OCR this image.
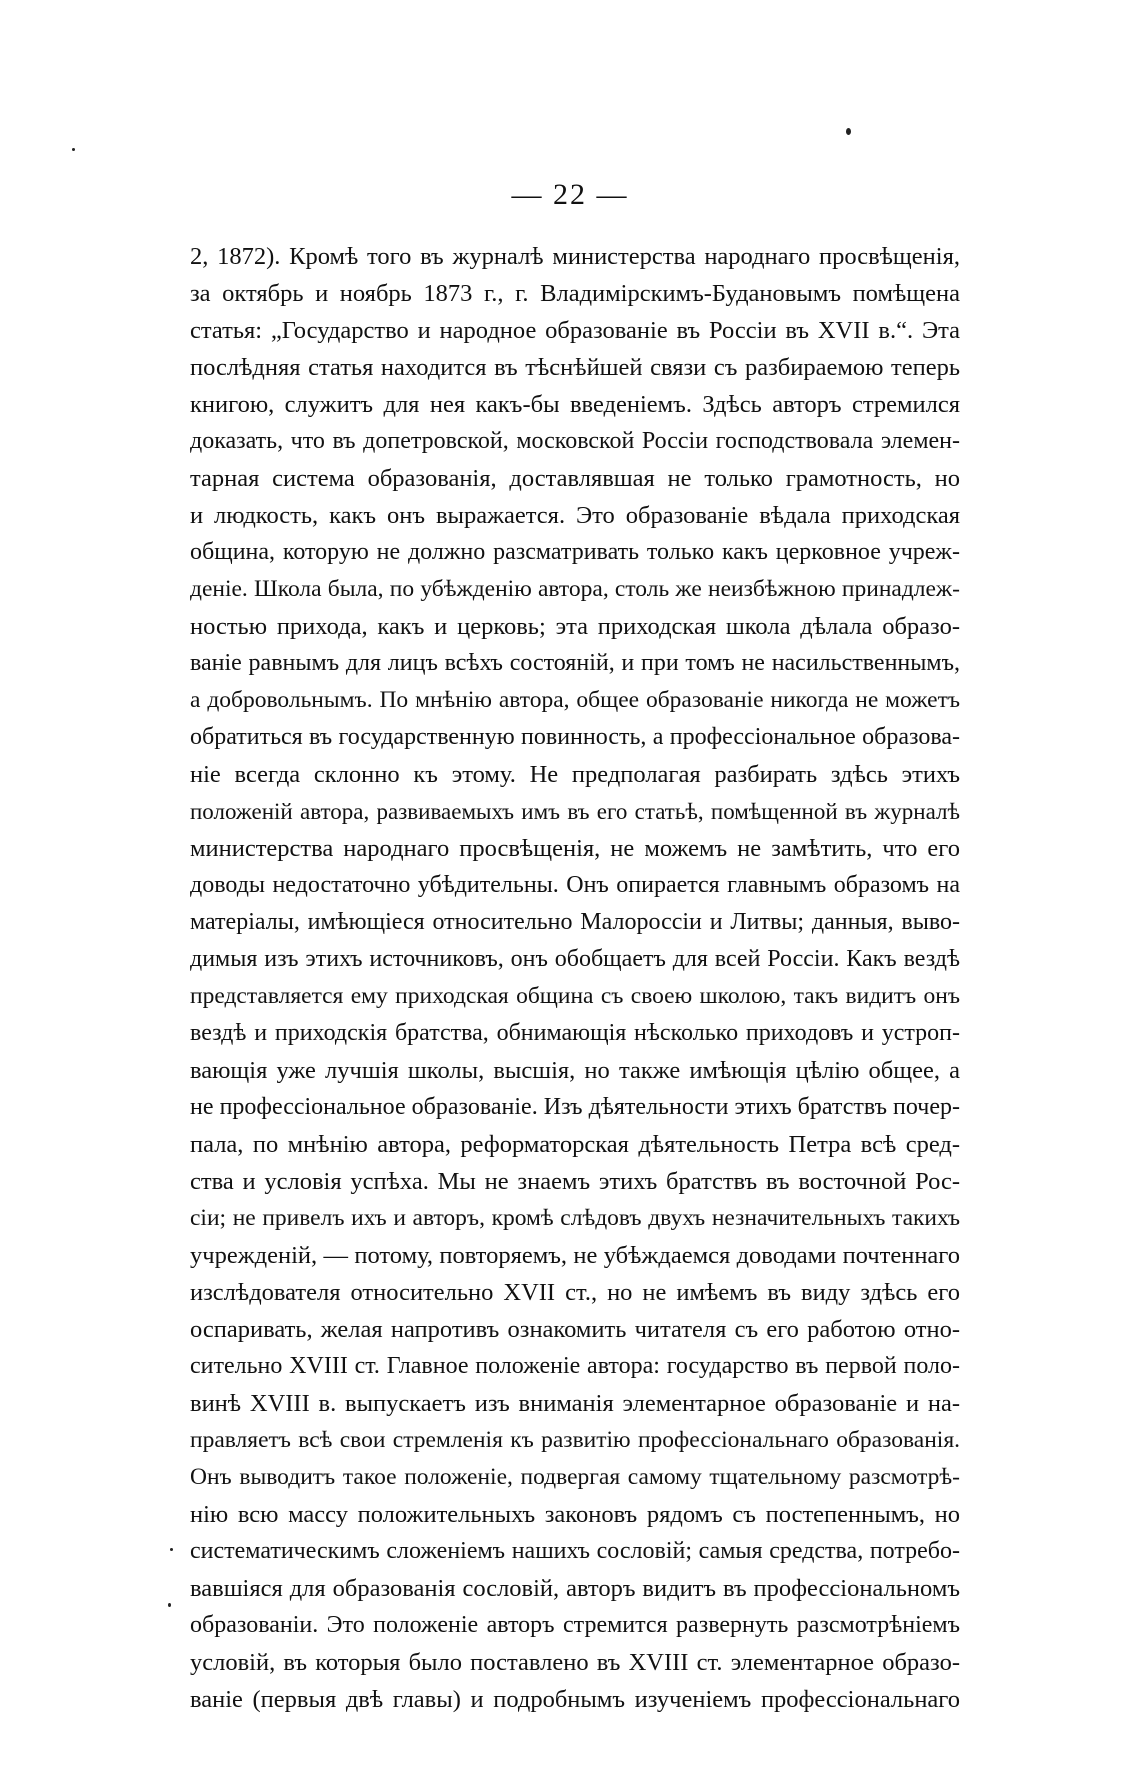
— 22 —
2, 1872). Кромѣ того въ журналѣ министерства народнаго просвѣщенія,
за октябрь и ноябрь 1873 г., г. Владимірскимъ-Будановымъ помѣщена
статья: „Государство и народное образованіе въ Россіи въ XVII в.“. Эта
послѣдняя статья находится въ тѣснѣйшей связи съ разбираемою теперь
книгою, служитъ для нея какъ-бы введеніемъ. Здѣсь авторъ стремился
доказать, что въ допетровской, московской Россіи господствовала элемен-
тарная система образованія, доставлявшая не только грамотность, но
и людкость, какъ онъ выражается. Это образованіе вѣдала приходская
община, которую не должно разсматривать только какъ церковное учреж-
деніе. Школа была, по убѣжденію автора, столь же неизбѣжною принадлеж-
ностью прихода, какъ и церковь; эта приходская школа дѣлала образо-
ваніе равнымъ для лицъ всѣхъ состояній, и при томъ не насильственнымъ,
а добровольнымъ. По мнѣнію автора, общее образованіе никогда не можетъ
обратиться въ государственную повинность, а профессіональное образова-
ніе всегда склонно къ этому. Не предполагая разбирать здѣсь этихъ
положеній автора, развиваемыхъ имъ въ его статьѣ, помѣщенной въ журналѣ
министерства народнаго просвѣщенія, не можемъ не замѣтить, что его
доводы недостаточно убѣдительны. Онъ опирается главнымъ образомъ на
матеріалы, имѣющіеся относительно Малороссіи и Литвы; данныя, выво-
димыя изъ этихъ источниковъ, онъ обобщаетъ для всей Россіи. Какъ вездѣ
представляется ему приходская община съ своею школою, такъ видитъ онъ
вездѣ и приходскія братства, обнимающія нѣсколько приходовъ и устроп-
вающія уже лучшія школы, высшія, но также имѣющія цѣлію общее, а
не профессіональное образованіе. Изъ дѣятельности этихъ братствъ почер-
пала, по мнѣнію автора, реформаторская дѣятельность Петра всѣ сред-
ства и условія успѣха. Мы не знаемъ этихъ братствъ въ восточной Рос-
сіи; не привелъ ихъ и авторъ, кромѣ слѣдовъ двухъ незначительныхъ такихъ
учрежденій, — потому, повторяемъ, не убѣждаемся доводами почтеннаго
изслѣдователя относительно XVII ст., но не имѣемъ въ виду здѣсь его
оспаривать, желая напротивъ ознакомить читателя съ его работою отно-
сительно XVIII ст. Главное положеніе автора: государство въ первой поло-
винѣ XVIII в. выпускаетъ изъ вниманія элементарное образованіе и на-
правляетъ всѣ свои стремленія къ развитію профессіональнаго образованія.
Онъ выводитъ такое положеніе, подвергая самому тщательному разсмотрѣ-
нію всю массу положительныхъ законовъ рядомъ съ постепеннымъ, но
систематическимъ сложеніемъ нашихъ сословій; самыя средства, потребо-
вавшіяся для образованія сословій, авторъ видитъ въ профессіональномъ
образованіи. Это положеніе авторъ стремится развернуть разсмотрѣніемъ
условій, въ которыя было поставлено въ XVIII ст. элементарное образо-
ваніе (первыя двѣ главы) и подробнымъ изученіемъ профессіональнаго
